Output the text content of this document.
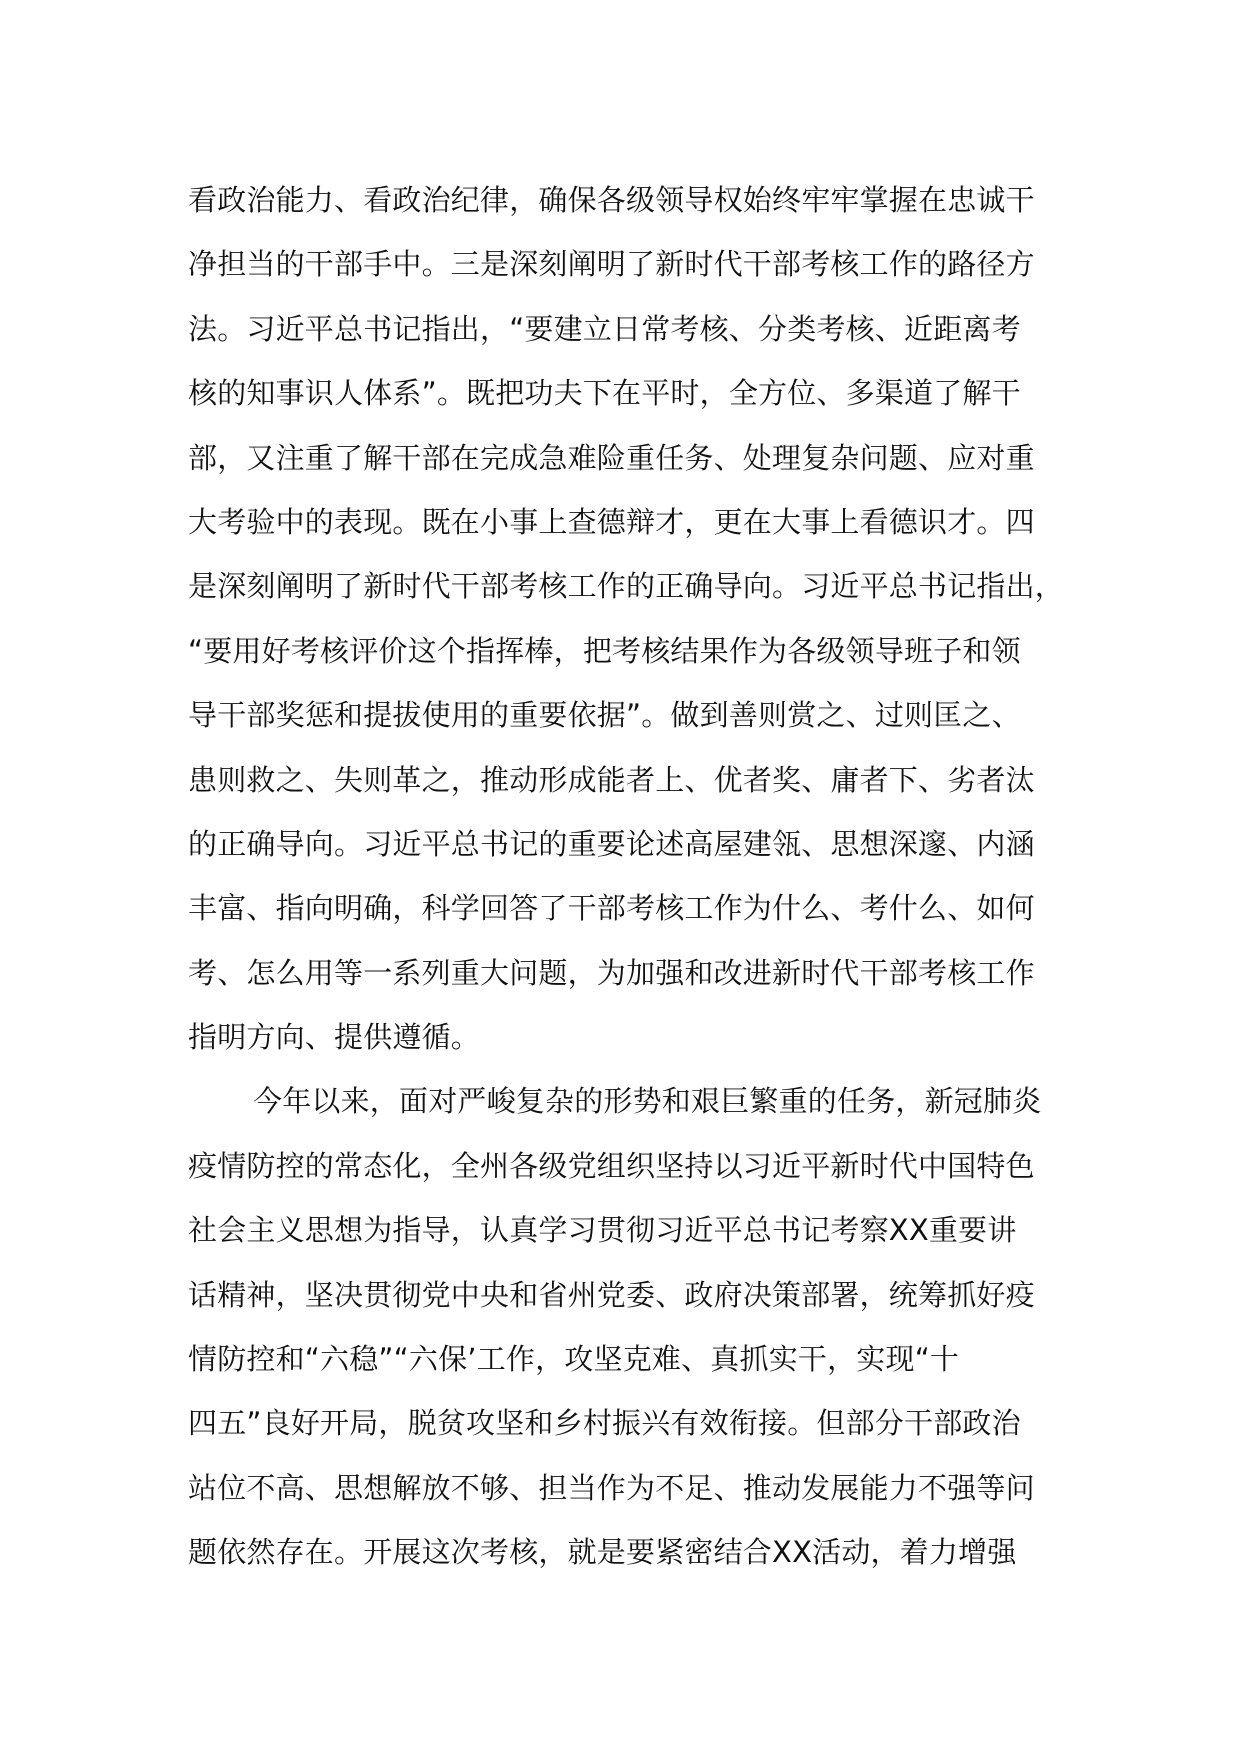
看政治能力、看政治纪律，确保各级领导权始终牢牢掌握在忠诚干
净担当的干部手中。三是深刻阐明了新时代干部考核工作的路径方
法。习近平总书记指出，“要建立日常考核、分类考核、近距离考
核的知事识人体系”。既把功夫下在平时，全方位、多渠道了解干
部，又注重了解干部在完成急难险重任务、处理复杂问题、应对重
大考验中的表现。既在小事上查德辩才，更在大事上看德识才。四
是深刻阐明了新时代干部考核工作的正确导向。习近平总书记指出，
“要用好考核评价这个指挥棒，把考核结果作为各级领导班子和领
导干部奖惩和提拔使用的重要依据”。做到善则赏之、过则匡之、
患则救之、失则革之，推动形成能者上、优者奖、庸者下、劣者汰
的正确导向。习近平总书记的重要论述高屋建瓴、思想深邃、内涵
丰富、指向明确，科学回答了干部考核工作为什么、考什么、如何
考、怎么用等一系列重大问题，为加强和改进新时代干部考核工作
指明方向、提供遵循。
今年以来，面对严峻复杂的形势和艰巨繁重的任务，新冠肺炎
疫情防控的常态化，全州各级党组织坚持以习近平新时代中国特色
社会主义思想为指导，认真学习贯彻习近平总书记考察XX重要讲
话精神，坚决贯彻党中央和省州党委、政府决策部署，统筹抓好疫
情防控和“六稳”“六保’工作，攻坚克难、真抓实干，实现“十
四五”良好开局，脱贫攻坚和乡村振兴有效衔接。但部分干部政治
站位不高、思想解放不够、担当作为不足、推动发展能力不强等问
题依然存在。开展这次考核，就是要紧密结合XX活动，着力增强
